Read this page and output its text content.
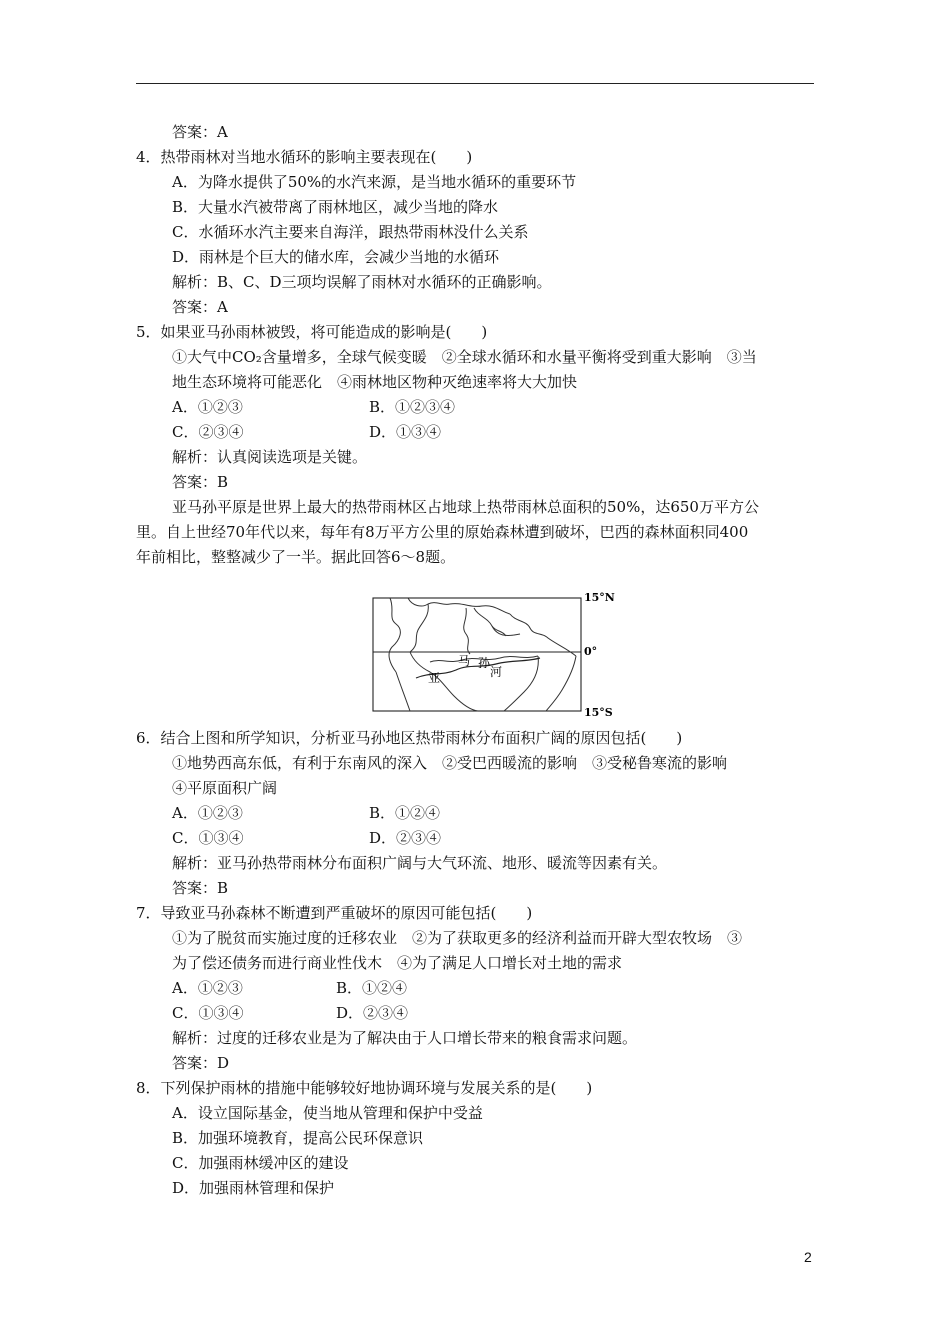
答案：A
4．热带雨林对当地水循环的影响主要表现在(　　)
A．为降水提供了50%的水汽来源，是当地水循环的重要环节
B．大量水汽被带离了雨林地区，减少当地的降水
C．水循环水汽主要来自海洋，跟热带雨林没什么关系
D．雨林是个巨大的储水库，会减少当地的水循环
解析：B、C、D三项均误解了雨林对水循环的正确影响。
答案：A
5．如果亚马孙雨林被毁，将可能造成的影响是(　　)
①大气中CO₂含量增多，全球气候变暖　②全球水循环和水量平衡将受到重大影响　③当
地生态环境将可能恶化　④雨林地区物种灭绝速率将大大加快
A．①②③	B．①②③④
C．②③④	D．①③④
解析：认真阅读选项是关键。
答案：B
亚马孙平原是世界上最大的热带雨林区占地球上热带雨林总面积的50%，达650万平方公
里。自上世经70年代以来，每年有8万平方公里的原始森林遭到破坏，巴西的森林面积同400
年前相比，整整减少了一半。据此回答6～8题。
6．结合上图和所学知识，分析亚马孙地区热带雨林分布面积广阔的原因包括(　　)
①地势西高东低，有利于东南风的深入　②受巴西暖流的影响　③受秘鲁寒流的影响
④平原面积广阔
A．①②③	B．①②④
C．①③④	D．②③④
解析：亚马孙热带雨林分布面积广阔与大气环流、地形、暖流等因素有关。
答案：B
7．导致亚马孙森林不断遭到严重破坏的原因可能包括(　　)
①为了脱贫而实施过度的迁移农业　②为了获取更多的经济利益而开辟大型农牧场　③
为了偿还债务而进行商业性伐木　④为了满足人口增长对土地的需求
A．①②③	B．①②④
C．①③④	D．②③④
解析：过度的迁移农业是为了解决由于人口增长带来的粮食需求问题。
答案：D
8．下列保护雨林的措施中能够较好地协调环境与发展关系的是(　　)
A．设立国际基金，使当地从管理和保护中受益
B．加强环境教育，提高公民环保意识
C．加强雨林缓冲区的建设
D．加强雨林管理和保护
马 孙
河
亚
15°N
0°
15°S
2
